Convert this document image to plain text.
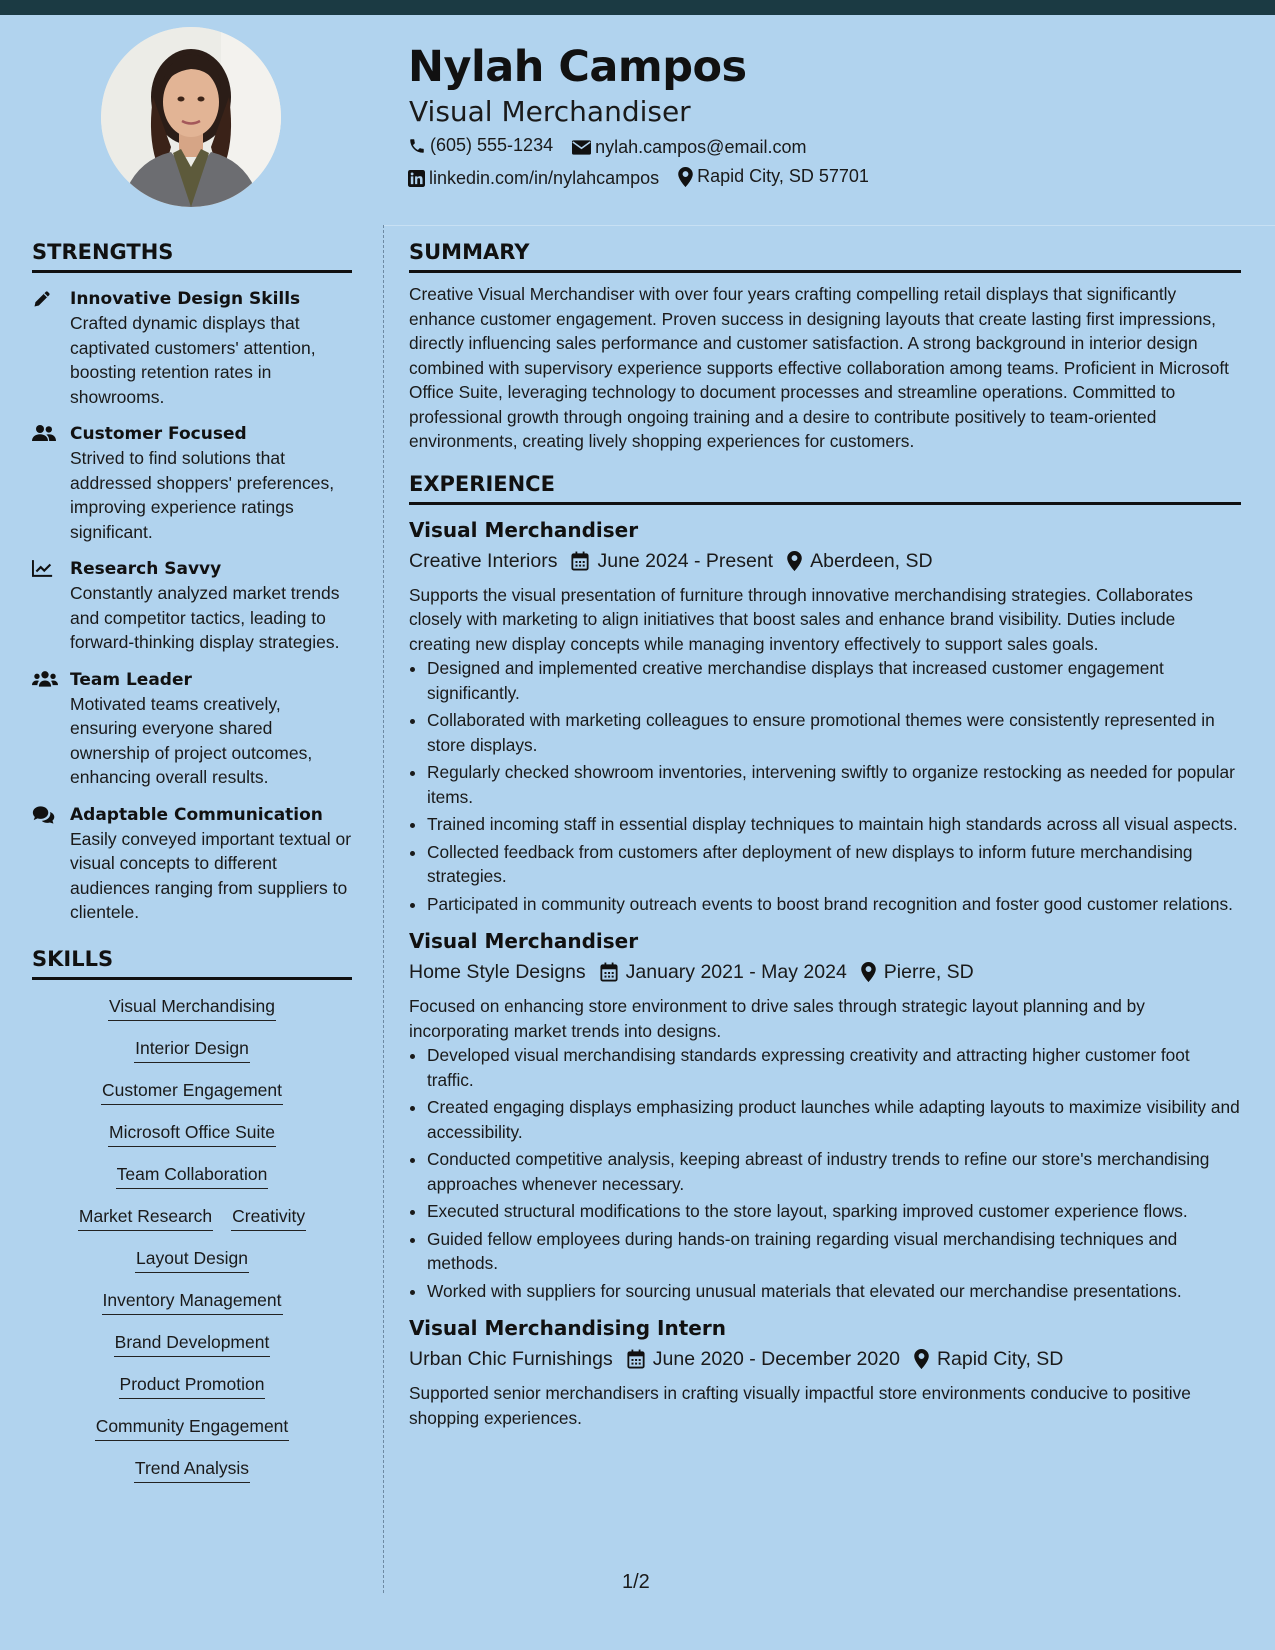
Nylah Campos
Visual Merchandiser
(605) 555-1234
nylah.campos@email.com
linkedin.com/in/nylahcampos
Rapid City, SD 57701
STRENGTHS
Innovative Design Skills
Crafted dynamic displays that captivated customers' attention, boosting retention rates in showrooms.
Customer Focused
Strived to find solutions that addressed shoppers' preferences, improving experience ratings significant.
Research Savvy
Constantly analyzed market trends and competitor tactics, leading to forward-thinking display strategies.
Team Leader
Motivated teams creatively, ensuring everyone shared ownership of project outcomes, enhancing overall results.
Adaptable Communication
Easily conveyed important textual or visual concepts to different audiences ranging from suppliers to clientele.
SKILLS
Visual Merchandising
Interior Design
Customer Engagement
Microsoft Office Suite
Team Collaboration
Market Research Creativity
Layout Design
Inventory Management
Brand Development
Product Promotion
Community Engagement
Trend Analysis
SUMMARY

Creative Visual Merchandiser with over four years crafting compelling retail displays that significantly enhance customer engagement. Proven success in designing layouts that create lasting first impressions, directly influencing sales performance and customer satisfaction. A strong background in interior design combined with supervisory experience supports effective collaboration among teams. Proficient in Microsoft Office Suite, leveraging technology to document processes and streamline operations. Committed to professional growth through ongoing training and a desire to contribute positively to team-oriented environments, creating lively shopping experiences for customers.

EXPERIENCE
Visual Merchandiser
Creative Interiors June 2024 - Present Aberdeen, SD
Supports the visual presentation of furniture through innovative merchandising strategies. Collaborates closely with marketing to align initiatives that boost sales and enhance brand visibility. Duties include creating new display concepts while managing inventory effectively to support sales goals.
• Designed and implemented creative merchandise displays that increased customer engagement significantly.
• Collaborated with marketing colleagues to ensure promotional themes were consistently represented in store displays.
• Regularly checked showroom inventories, intervening swiftly to organize restocking as needed for popular items.
• Trained incoming staff in essential display techniques to maintain high standards across all visual aspects.
• Collected feedback from customers after deployment of new displays to inform future merchandising strategies.
• Participated in community outreach events to boost brand recognition and foster good customer relations.
Visual Merchandiser
Home Style Designs January 2021 - May 2024 Pierre, SD
Focused on enhancing store environment to drive sales through strategic layout planning and by incorporating market trends into designs.
• Developed visual merchandising standards expressing creativity and attracting higher customer foot traffic.
• Created engaging displays emphasizing product launches while adapting layouts to maximize visibility and accessibility.
• Conducted competitive analysis, keeping abreast of industry trends to refine our store's merchandising approaches whenever necessary.
• Executed structural modifications to the store layout, sparking improved customer experience flows.
• Guided fellow employees during hands-on training regarding visual merchandising techniques and methods.
• Worked with suppliers for sourcing unusual materials that elevated our merchandise presentations.
Visual Merchandising Intern
Urban Chic Furnishings June 2020 - December 2020 Rapid City, SD
Supported senior merchandisers in crafting visually impactful store environments conducive to positive shopping experiences.
1/2
